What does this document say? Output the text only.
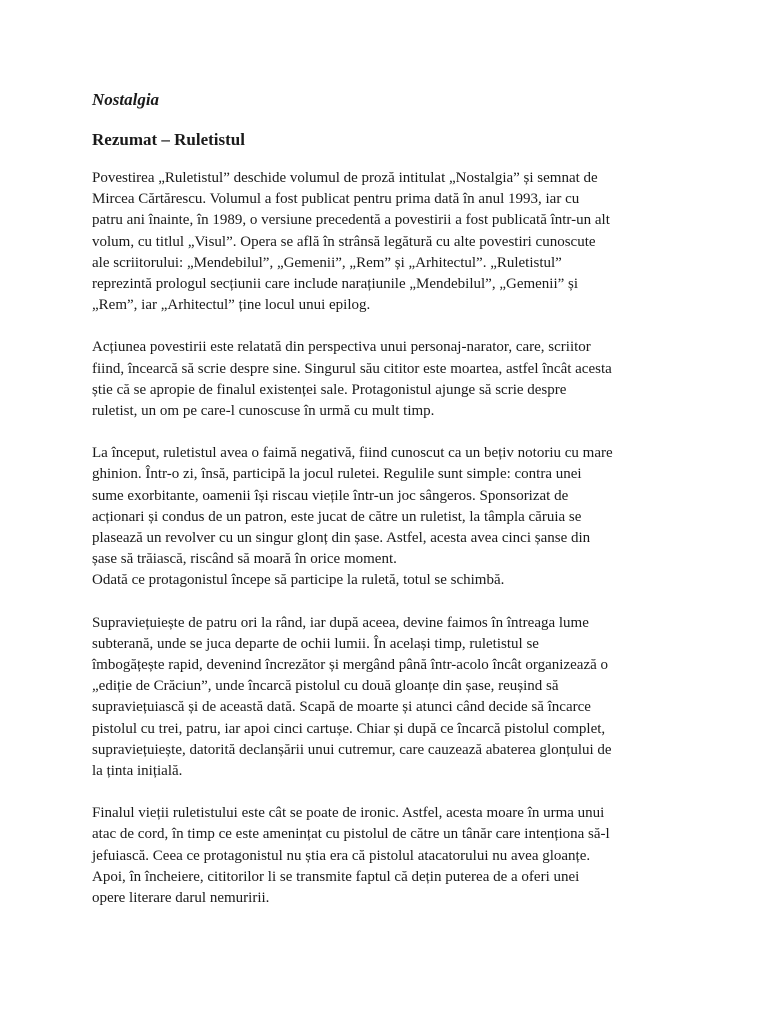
Nostalgia
Rezumat – Ruletistul

Povestirea „Ruletistul” deschide volumul de proză intitulat „Nostalgia” și semnat de
Mircea Cărtărescu. Volumul a fost publicat pentru prima dată în anul 1993, iar cu
patru ani înainte, în 1989, o versiune precedentă a povestirii a fost publicată într-un alt
volum, cu titlul „Visul”. Opera se află în strânsă legătură cu alte povestiri cunoscute
ale scriitorului: „Mendebilul”, „Gemenii”, „Rem” și „Arhitectul”. „Ruletistul”
reprezintă prologul secțiunii care include narațiunile „Mendebilul”, „Gemenii” și
„Rem”, iar „Arhitectul” ține locul unui epilog.

Acțiunea povestirii este relatată din perspectiva unui personaj-narator, care, scriitor
fiind, încearcă să scrie despre sine. Singurul său cititor este moartea, astfel încât acesta
știe că se apropie de finalul existenței sale. Protagonistul ajunge să scrie despre
ruletist, un om pe care-l cunoscuse în urmă cu mult timp.

La început, ruletistul avea o faimă negativă, fiind cunoscut ca un bețiv notoriu cu mare
ghinion. Într-o zi, însă, participă la jocul ruletei. Regulile sunt simple: contra unei
sume exorbitante, oamenii își riscau viețile într-un joc sângeros. Sponsorizat de
acționari și condus de un patron, este jucat de către un ruletist, la tâmpla căruia se
plasează un revolver cu un singur glonț din șase. Astfel, acesta avea cinci șanse din
șase să trăiască, riscând să moară în orice moment.
Odată ce protagonistul începe să participe la ruletă, totul se schimbă.

Supraviețuiește de patru ori la rând, iar după aceea, devine faimos în întreaga lume
subterană, unde se juca departe de ochii lumii. În același timp, ruletistul se
îmbogățește rapid, devenind încrezător și mergând până într-acolo încât organizează o
„ediție de Crăciun”, unde încarcă pistolul cu două gloanțe din șase, reușind să
supraviețuiască și de această dată. Scapă de moarte și atunci când decide să încarce
pistolul cu trei, patru, iar apoi cinci cartușe. Chiar și după ce încarcă pistolul complet,
supraviețuiește, datorită declanșării unui cutremur, care cauzează abaterea glonțului de
la ținta inițială.

Finalul vieții ruletistului este cât se poate de ironic. Astfel, acesta moare în urma unui
atac de cord, în timp ce este amenințat cu pistolul de către un tânăr care intenționa să-l
jefuiască. Ceea ce protagonistul nu știa era că pistolul atacatorului nu avea gloanțe.
Apoi, în încheiere, cititorilor li se transmite faptul că dețin puterea de a oferi unei
opere literare darul nemuririi.
